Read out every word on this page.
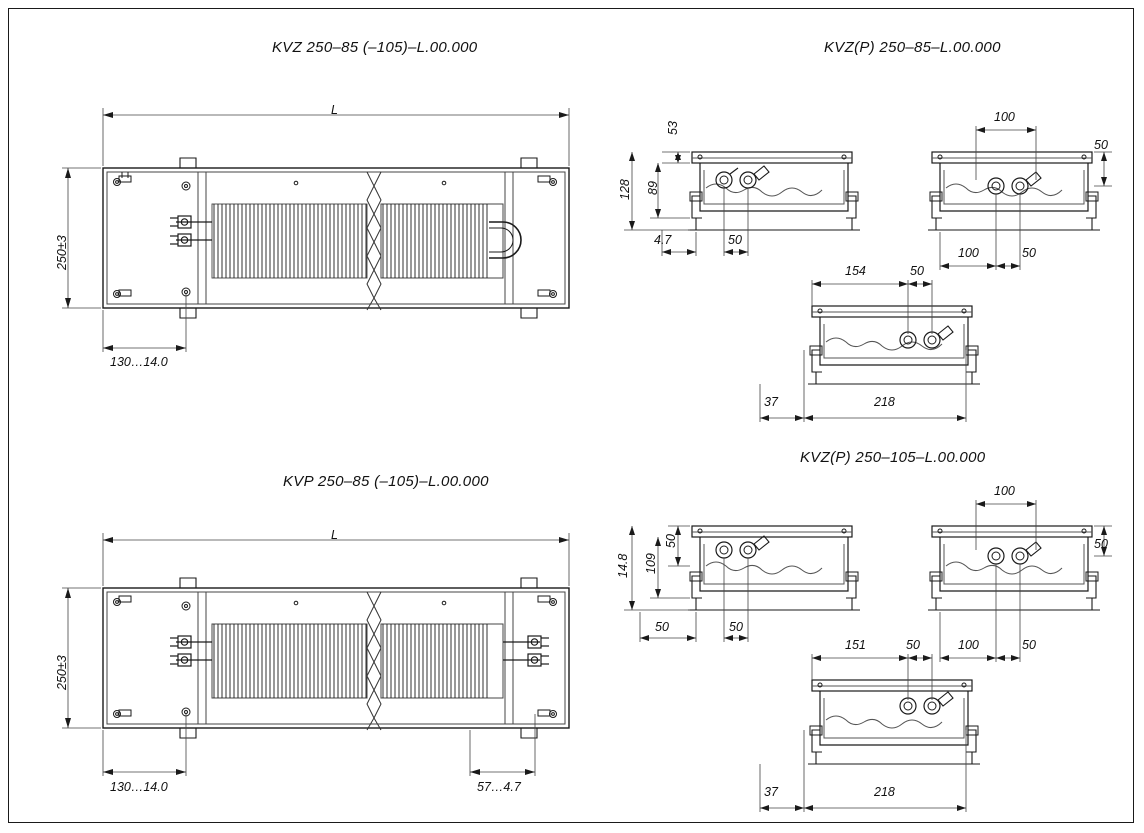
KVZ 250–85 (–105)–L.00.000	KVZ(P) 250–85–L.00.000
KVP 250–85 (–105)–L.00.000
KVZ(P) 250–105–L.00.000
L
250±3
130…14.0
L
250±3
130…14.0	57…4.7
53
128 89
4.7	50
100
50
100	50
154	50
37	218
50
14.8 109
50	50
100
50
100	50
151	50
37	218
